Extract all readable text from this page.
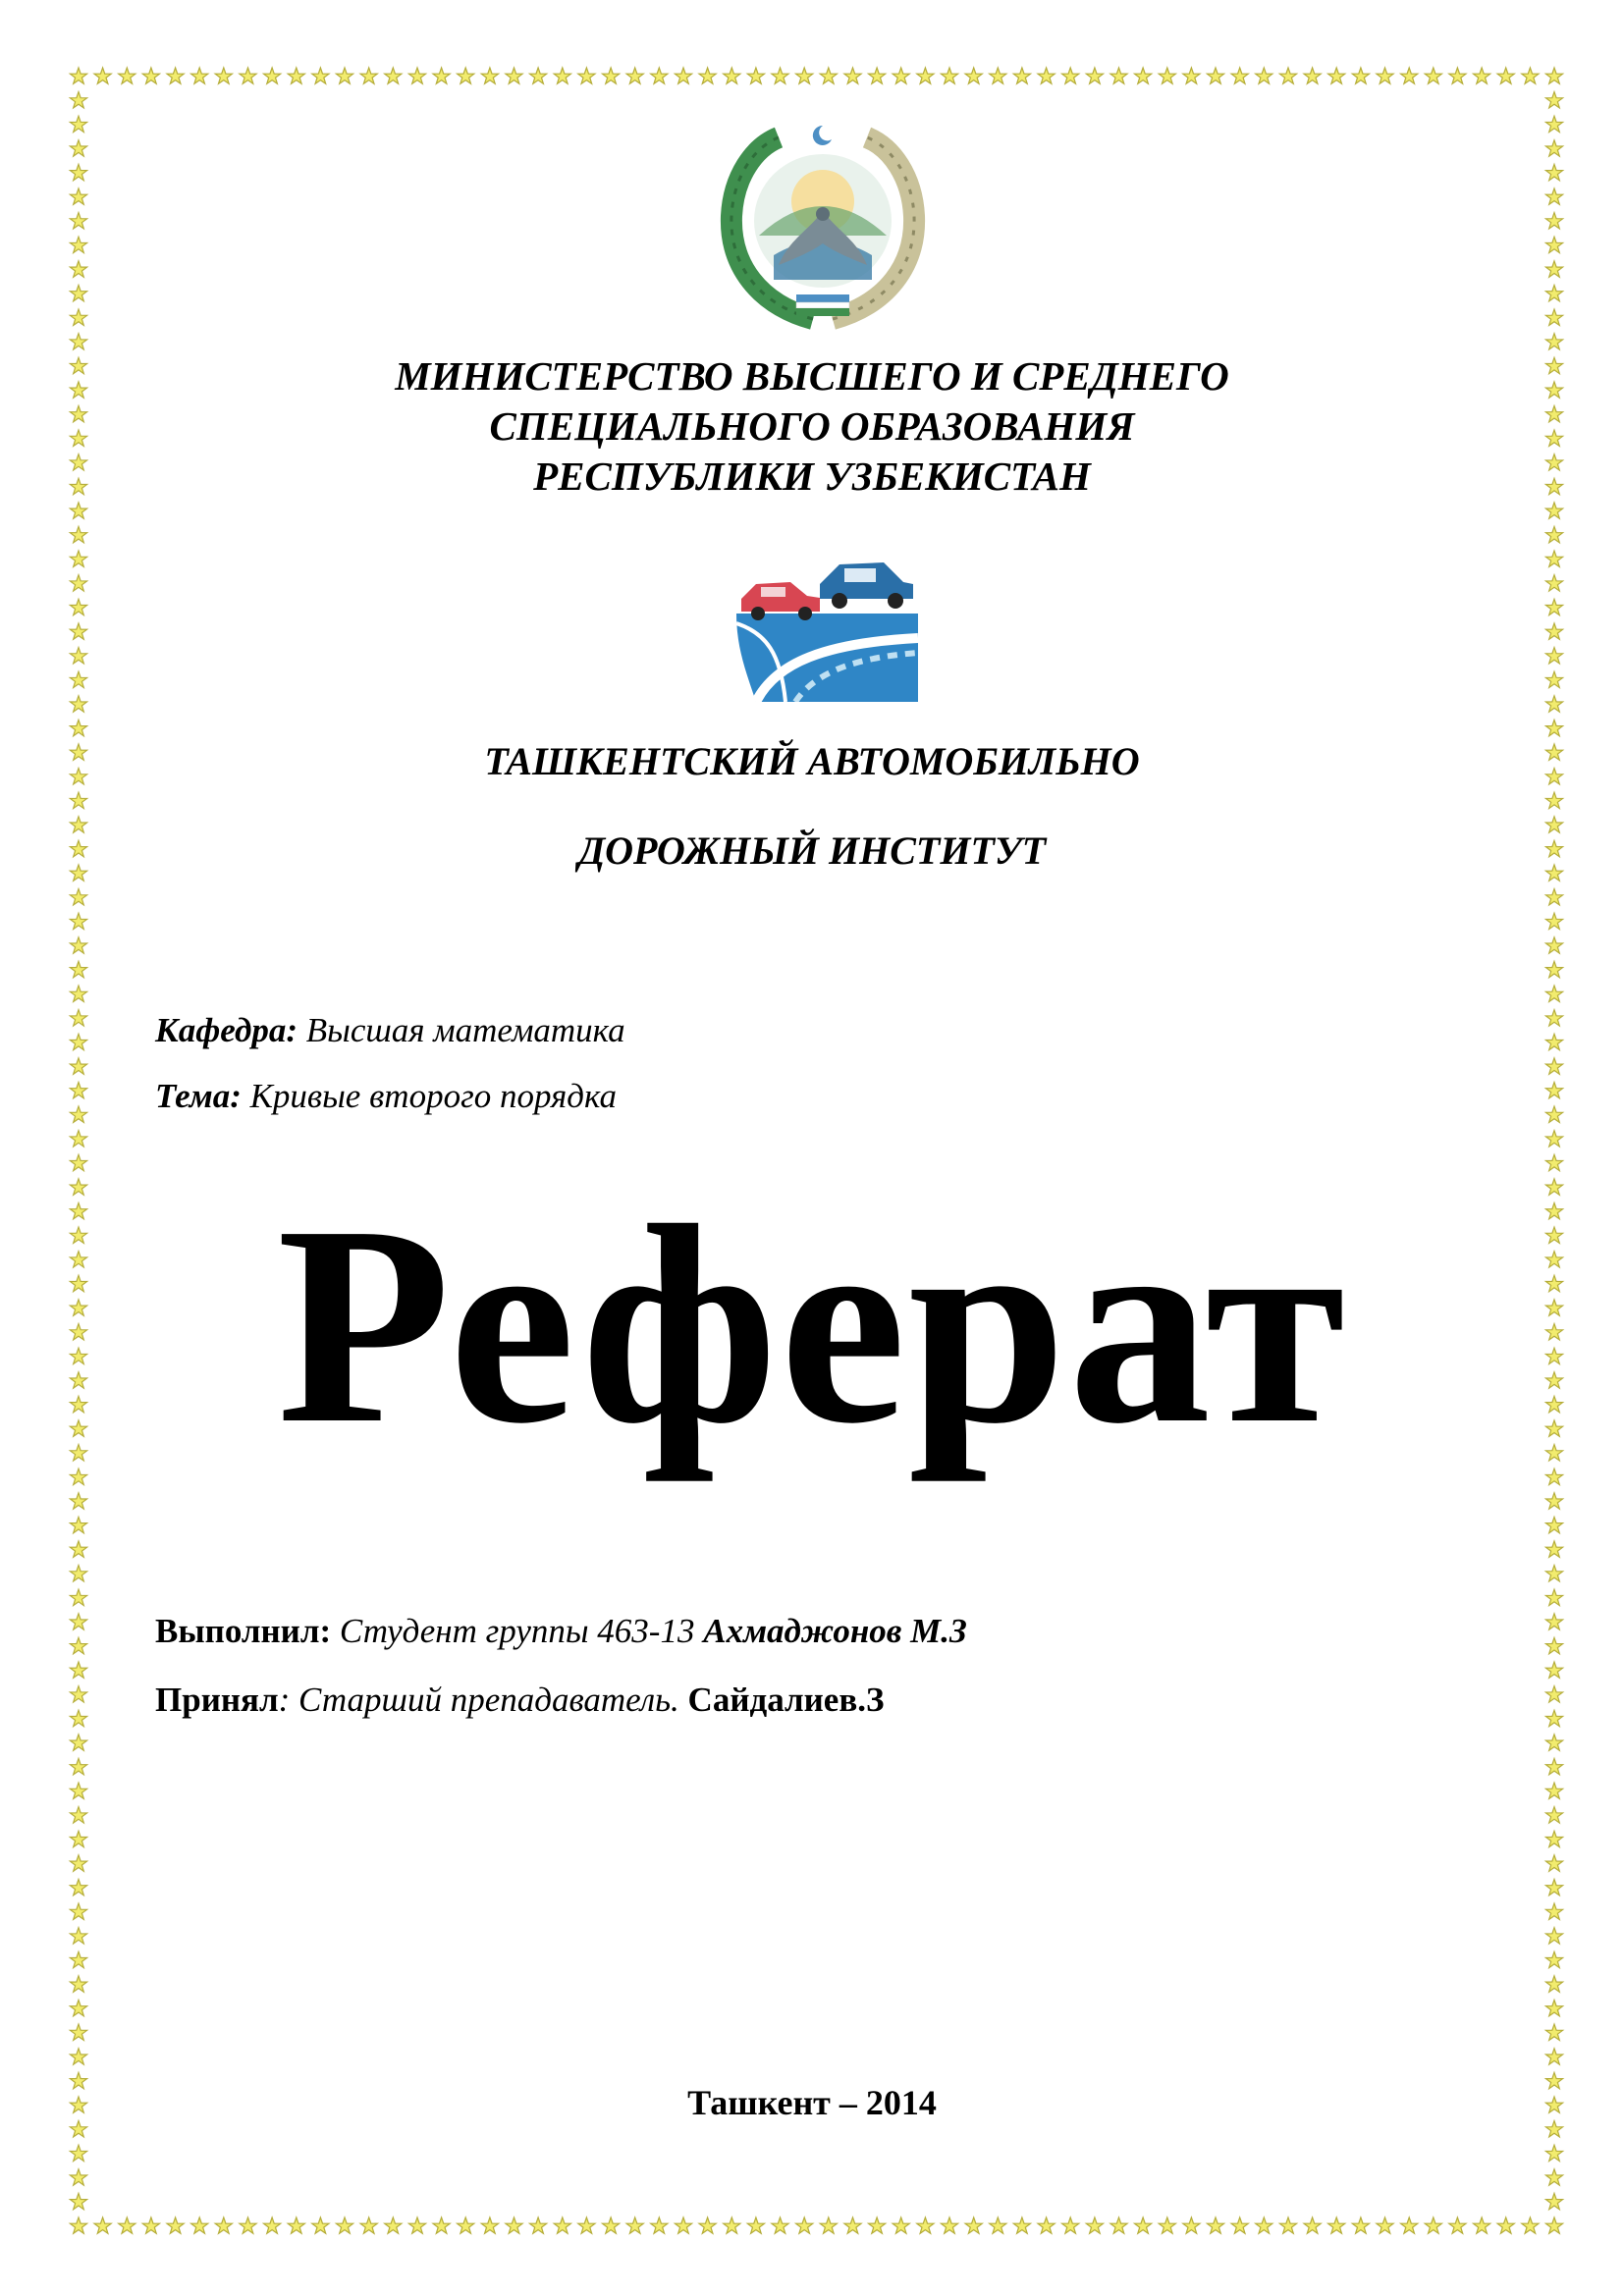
МИНИСТЕРСТВО ВЫСШЕГО И СРЕДНЕГО
СПЕЦИАЛЬНОГО ОБРАЗОВАНИЯ
РЕСПУБЛИКИ УЗБЕКИСТАН
ТАШКЕНТСКИЙ АВТОМОБИЛЬНО
ДОРОЖНЫЙ ИНСТИТУТ
Кафедра: Высшая математика
Тема: Кривые второго порядка
Реферат
Выполнил: Студент группы 463-13 Ахмаджонов М.З
Принял: Старший препадаватель. Сайдалиев.З
Ташкент – 2014
